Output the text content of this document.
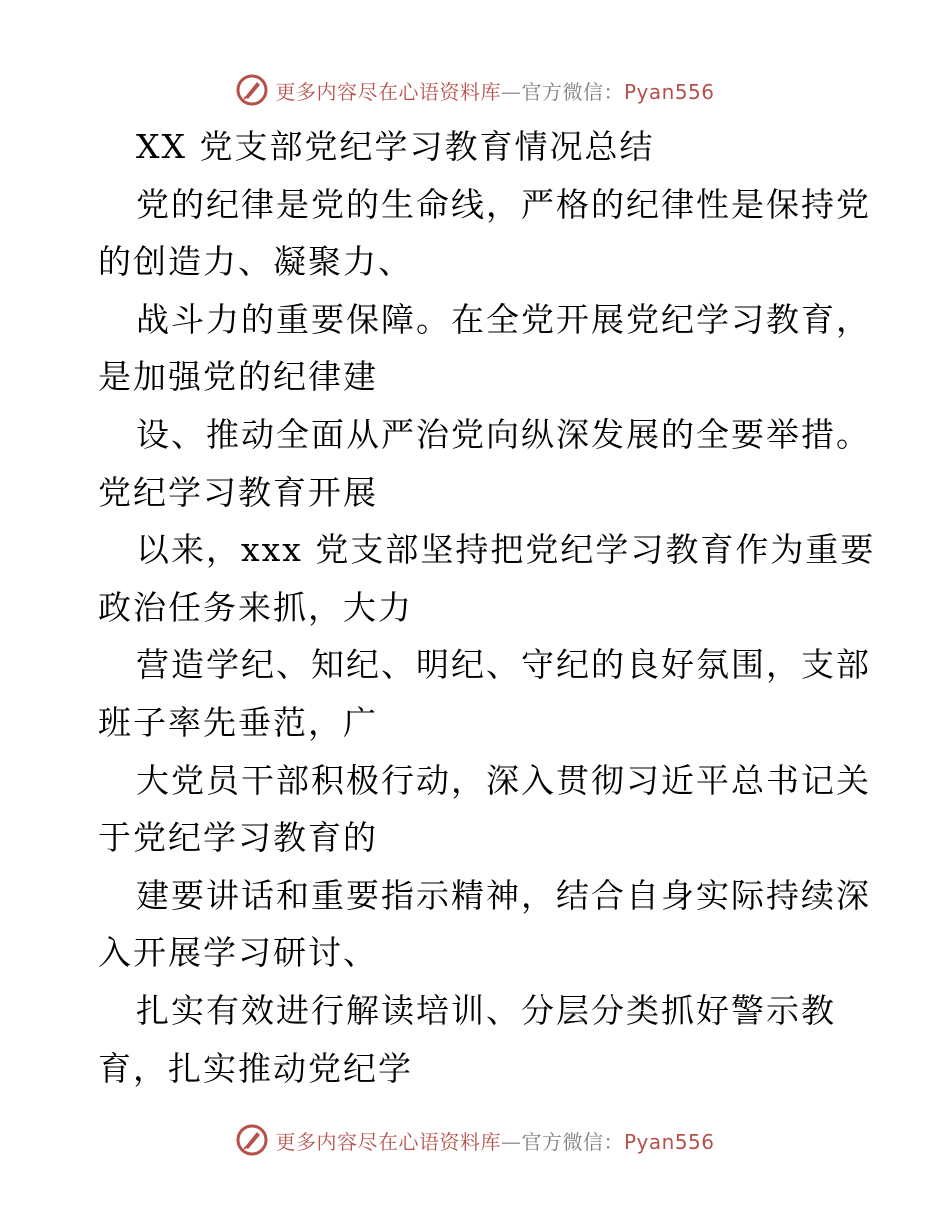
更多内容尽在心语资料库—官方微信：Pyan556
XX 党支部党纪学习教育情况总结
党的纪律是党的生命线，严格的纪律性是保持党
的创造力、凝聚力、
战斗力的重要保障。在全党开展党纪学习教育，
是加强党的纪律建
设、推动全面从严治党向纵深发展的全要举措。
党纪学习教育开展
以来，xxx 党支部坚持把党纪学习教育作为重要
政治任务来抓，大力
营造学纪、知纪、明纪、守纪的良好氛围，支部
班子率先垂范，广
大党员干部积极行动，深入贯彻习近平总书记关
于党纪学习教育的
建要讲话和重要指示精神，结合自身实际持续深
入开展学习研讨、
扎实有效进行解读培训、分层分类抓好警示教
育，扎实推动党纪学
更多内容尽在心语资料库—官方微信：Pyan556
